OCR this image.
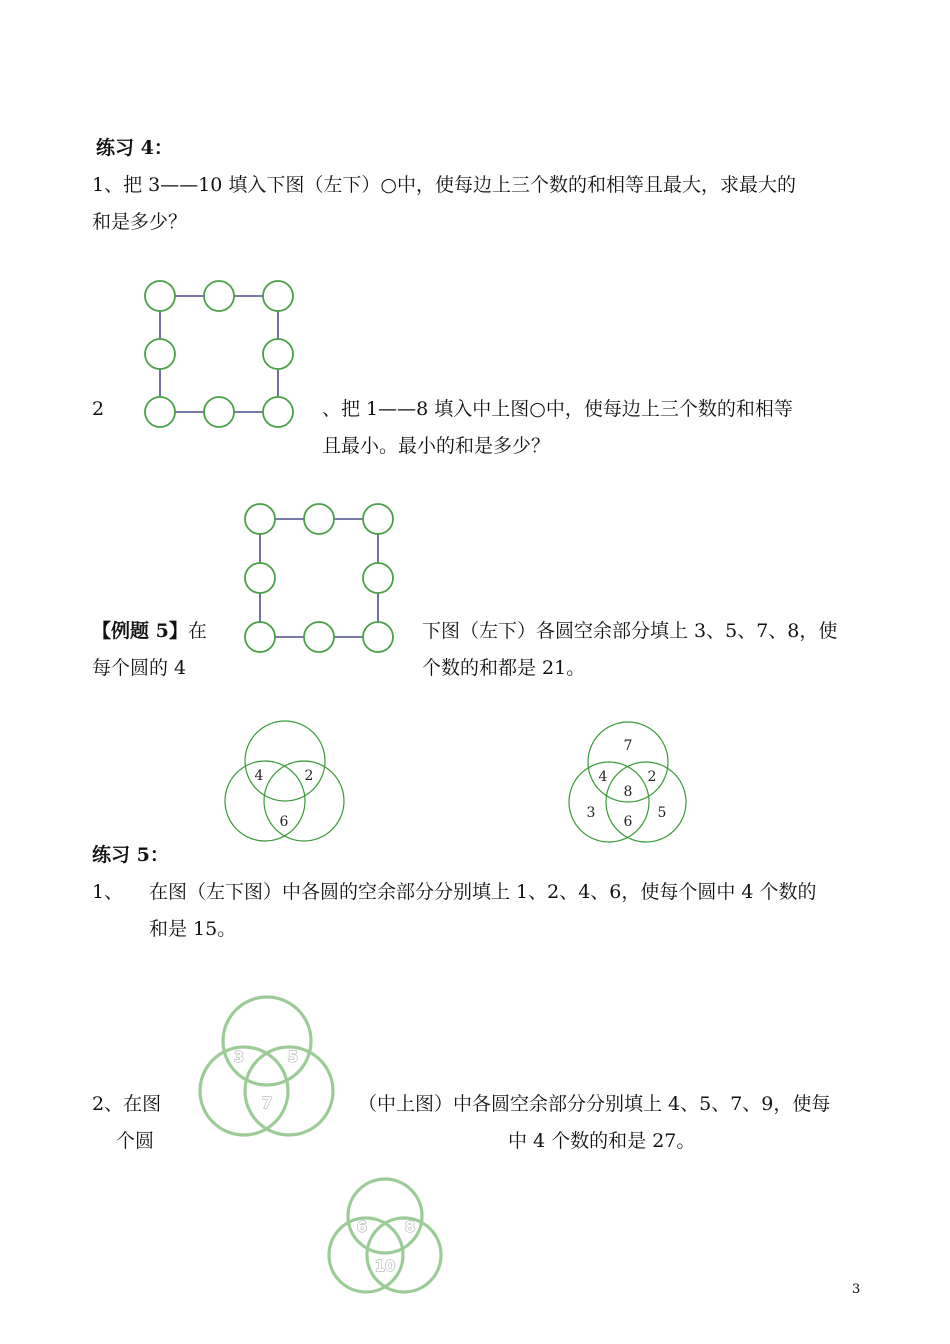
练习 4：
1、把 3——10 填入下图（左下）○中，使每边上三个数的和相等且最大，求最大的
和是多少？
2	、把 1——8 填入中上图○中，使每边上三个数的和相等
且最小。最小的和是多少？
【例题 5】在	下图（左下）各圆空余部分填上 3、5、7、8，使
每个圆的 4	个数的和都是 21。
4	2
6
7
4	2
8
3
6
5
练习 5：
1、 在图（左下图）中各圆的空余部分分别填上 1、2、4、6，使每个圆中 4 个数的
和是 15。
3	5
7
2、在图
个圆
（中上图）中各圆空余部分分别填上 4、5、7、9，使每
中 4 个数的和是 27。
6	8
10
3
